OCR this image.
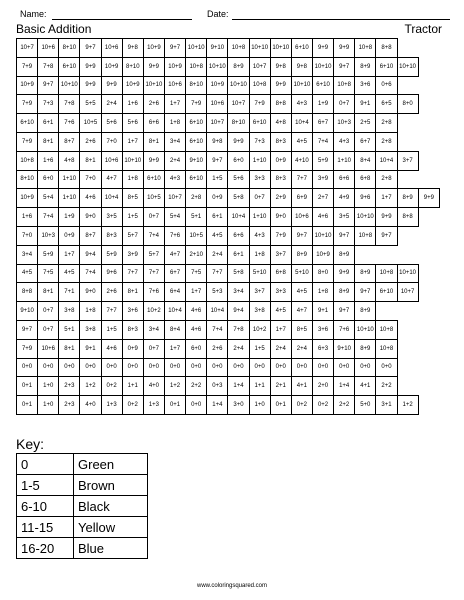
Name:	Date:
Basic Addition	Tractor
10+7	10+6	8+10	9+7	10+6	9+8	10+9	9+7	10+10	9+10	10+8	10+10	10+10	6+10	9+9	9+9	10+8	8+8		
7+9	7+8	6+10	9+9	10+9	8+10	9+9	10+9	10+8	10+10	8+9	10+7	9+8	9+8	10+10	9+7	8+9	6+10	10+10	
10+9	9+7	10+10	9+9	9+9	10+9	10+10	10+6	8+10	10+9	10+10	10+8	9+9	10+10	6+10	10+8	3+6	0+6		
7+9	7+3	7+8	5+5	2+4	1+6	2+6	1+7	7+9	10+6	10+7	7+9	8+8	4+3	1+9	0+7	9+1	6+5	8+0	
6+10	6+1	7+6	10+5	5+6	5+6	6+6	1+8	6+10	10+7	8+10	6+10	4+8	10+4	6+7	10+3	2+5	2+8		
7+9	8+1	8+7	2+6	7+0	1+7	8+1	3+4	6+10	9+8	9+9	7+3	8+3	4+5	7+4	4+3	6+7	2+8		
10+8	1+6	4+8	8+1	10+6	10+10	9+9	2+4	9+10	9+7	6+0	1+10	0+9	4+10	5+9	1+10	8+4	10+4	3+7	
8+10	6+0	1+10	7+0	4+7	1+8	6+10	4+3	6+10	1+5	5+6	3+3	8+3	7+7	3+9	6+6	6+8	2+8		
10+9	5+4	1+10	4+6	10+4	8+5	10+5	10+7	2+8	0+9	5+8	0+7	2+9	6+9	2+7	4+9	9+6	1+7	8+9	9+9
1+6	7+4	1+9	9+0	3+5	1+5	0+7	5+4	5+1	6+1	10+4	1+10	9+0	10+6	4+6	3+5	10+10	9+9	8+8	
7+0	10+3	0+9	8+7	8+3	5+7	7+4	7+6	10+5	4+5	6+6	4+3	7+9	9+7	10+10	9+7	10+8	9+7		
3+4	5+9	1+7	9+4	5+9	3+9	5+7	4+7	2+10	2+4	6+1	1+8	3+7	8+9	10+9	8+9				
4+5	7+5	4+5	7+4	9+6	7+7	7+7	6+7	7+5	7+7	5+8	5+10	6+8	5+10	8+0	9+9	8+9	10+8	10+10	
8+8	8+1	7+1	9+0	2+6	8+1	7+6	6+4	1+7	5+3	3+4	3+7	3+3	4+5	1+8	8+9	9+7	6+10	10+7	
9+10	0+7	3+8	1+8	7+7	3+6	10+2	10+4	4+6	10+4	9+4	3+8	4+5	4+7	9+1	9+7	8+9			
9+7	0+7	5+1	3+8	1+5	8+3	3+4	8+4	4+6	7+4	7+8	10+2	1+7	8+5	3+6	7+6	10+10	10+8		
7+9	10+6	8+1	9+1	4+6	0+9	0+7	1+7	6+0	2+6	2+4	1+5	2+4	2+4	6+3	9+10	8+9	10+8		
0+0	0+0	0+0	0+0	0+0	0+0	0+0	0+0	0+0	0+0	0+0	0+0	0+0	0+0	0+0	0+0	0+0	0+0		
0+1	1+0	2+3	1+2	0+2	1+1	4+0	1+2	2+2	0+3	1+4	1+1	2+1	4+1	2+0	1+4	4+1	2+2		
0+1	1+0	2+3	4+0	1+3	0+2	1+3	0+1	0+0	1+4	3+0	1+0	0+1	0+2	0+2	2+2	5+0	3+1	1+2	
Key:
0	Green
1-5	Brown
6-10	Black
11-15	Yellow
16-20	Blue
www.coloringsquared.com
